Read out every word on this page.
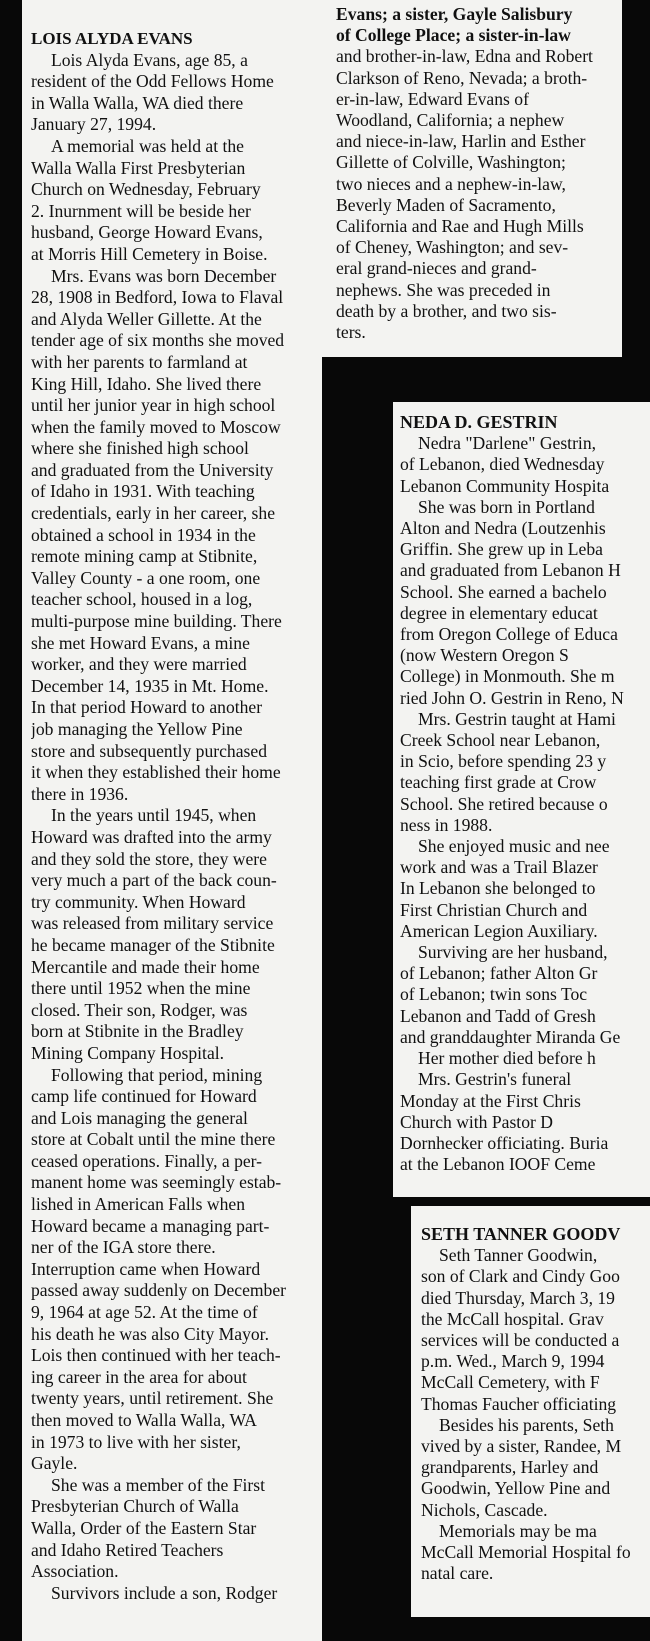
LOIS ALYDA EVANS
Lois Alyda Evans, age 85, a
resident of the Odd Fellows Home
in Walla Walla, WA died there
January 27, 1994.
A memorial was held at the
Walla Walla First Presbyterian
Church on Wednesday, February
2. Inurnment will be beside her
husband, George Howard Evans,
at Morris Hill Cemetery in Boise.
Mrs. Evans was born December
28, 1908 in Bedford, Iowa to Flaval
and Alyda Weller Gillette. At the
tender age of six months she moved
with her parents to farmland at
King Hill, Idaho. She lived there
until her junior year in high school
when the family moved to Moscow
where she finished high school
and graduated from the University
of Idaho in 1931. With teaching
credentials, early in her career, she
obtained a school in 1934 in the
remote mining camp at Stibnite,
Valley County - a one room, one
teacher school, housed in a log,
multi-purpose mine building. There
she met Howard Evans, a mine
worker, and they were married
December 14, 1935 in Mt. Home.
In that period Howard to another
job managing the Yellow Pine
store and subsequently purchased
it when they established their home
there in 1936.
In the years until 1945, when
Howard was drafted into the army
and they sold the store, they were
very much a part of the back coun-
try community. When Howard
was released from military service
he became manager of the Stibnite
Mercantile and made their home
there until 1952 when the mine
closed. Their son, Rodger, was
born at Stibnite in the Bradley
Mining Company Hospital.
Following that period, mining
camp life continued for Howard
and Lois managing the general
store at Cobalt until the mine there
ceased operations. Finally, a per-
manent home was seemingly estab-
lished in American Falls when
Howard became a managing part-
ner of the IGA store there.
Interruption came when Howard
passed away suddenly on December
9, 1964 at age 52. At the time of
his death he was also City Mayor.
Lois then continued with her teach-
ing career in the area for about
twenty years, until retirement. She
then moved to Walla Walla, WA
in 1973 to live with her sister,
Gayle.
She was a member of the First
Presbyterian Church of Walla
Walla, Order of the Eastern Star
and Idaho Retired Teachers
Association.
Survivors include a son, Rodger
Evans; a sister, Gayle Salisbury
of College Place; a sister-in-law
and brother-in-law, Edna and Robert
Clarkson of Reno, Nevada; a broth-
er-in-law, Edward Evans of
Woodland, California; a nephew
and niece-in-law, Harlin and Esther
Gillette of Colville, Washington;
two nieces and a nephew-in-law,
Beverly Maden of Sacramento,
California and Rae and Hugh Mills
of Cheney, Washington; and sev-
eral grand-nieces and grand-
nephews. She was preceded in
death by a brother, and two sis-
ters.
NEDA D. GESTRIN
Nedra "Darlene" Gestrin,
of Lebanon, died Wednesday
Lebanon Community Hospita
She was born in Portland
Alton and Nedra (Loutzenhis
Griffin. She grew up in Leba
and graduated from Lebanon H
School. She earned a bachelo
degree in elementary educat
from Oregon College of Educa
(now Western Oregon S
College) in Monmouth. She m
ried John O. Gestrin in Reno, N
Mrs. Gestrin taught at Hami
Creek School near Lebanon,
in Scio, before spending 23 y
teaching first grade at Crow
School. She retired because o
ness in 1988.
She enjoyed music and nee
work and was a Trail Blazer
In Lebanon she belonged to
First Christian Church and
American Legion Auxiliary.
Surviving are her husband,
of Lebanon; father Alton Gr
of Lebanon; twin sons Toc
Lebanon and Tadd of Gresh
and granddaughter Miranda Ge
Her mother died before h
Mrs. Gestrin's funeral
Monday at the First Chris
Church with Pastor D
Dornhecker officiating. Buria
at the Lebanon IOOF Ceme
SETH TANNER GOODV
Seth Tanner Goodwin,
son of Clark and Cindy Goo
died Thursday, March 3, 19
the McCall hospital. Grav
services will be conducted a
p.m. Wed., March 9, 1994
McCall Cemetery, with F
Thomas Faucher officiating
Besides his parents, Seth
vived by a sister, Randee, M
grandparents, Harley and
Goodwin, Yellow Pine and
Nichols, Cascade.
Memorials may be ma
McCall Memorial Hospital fo
natal care.
